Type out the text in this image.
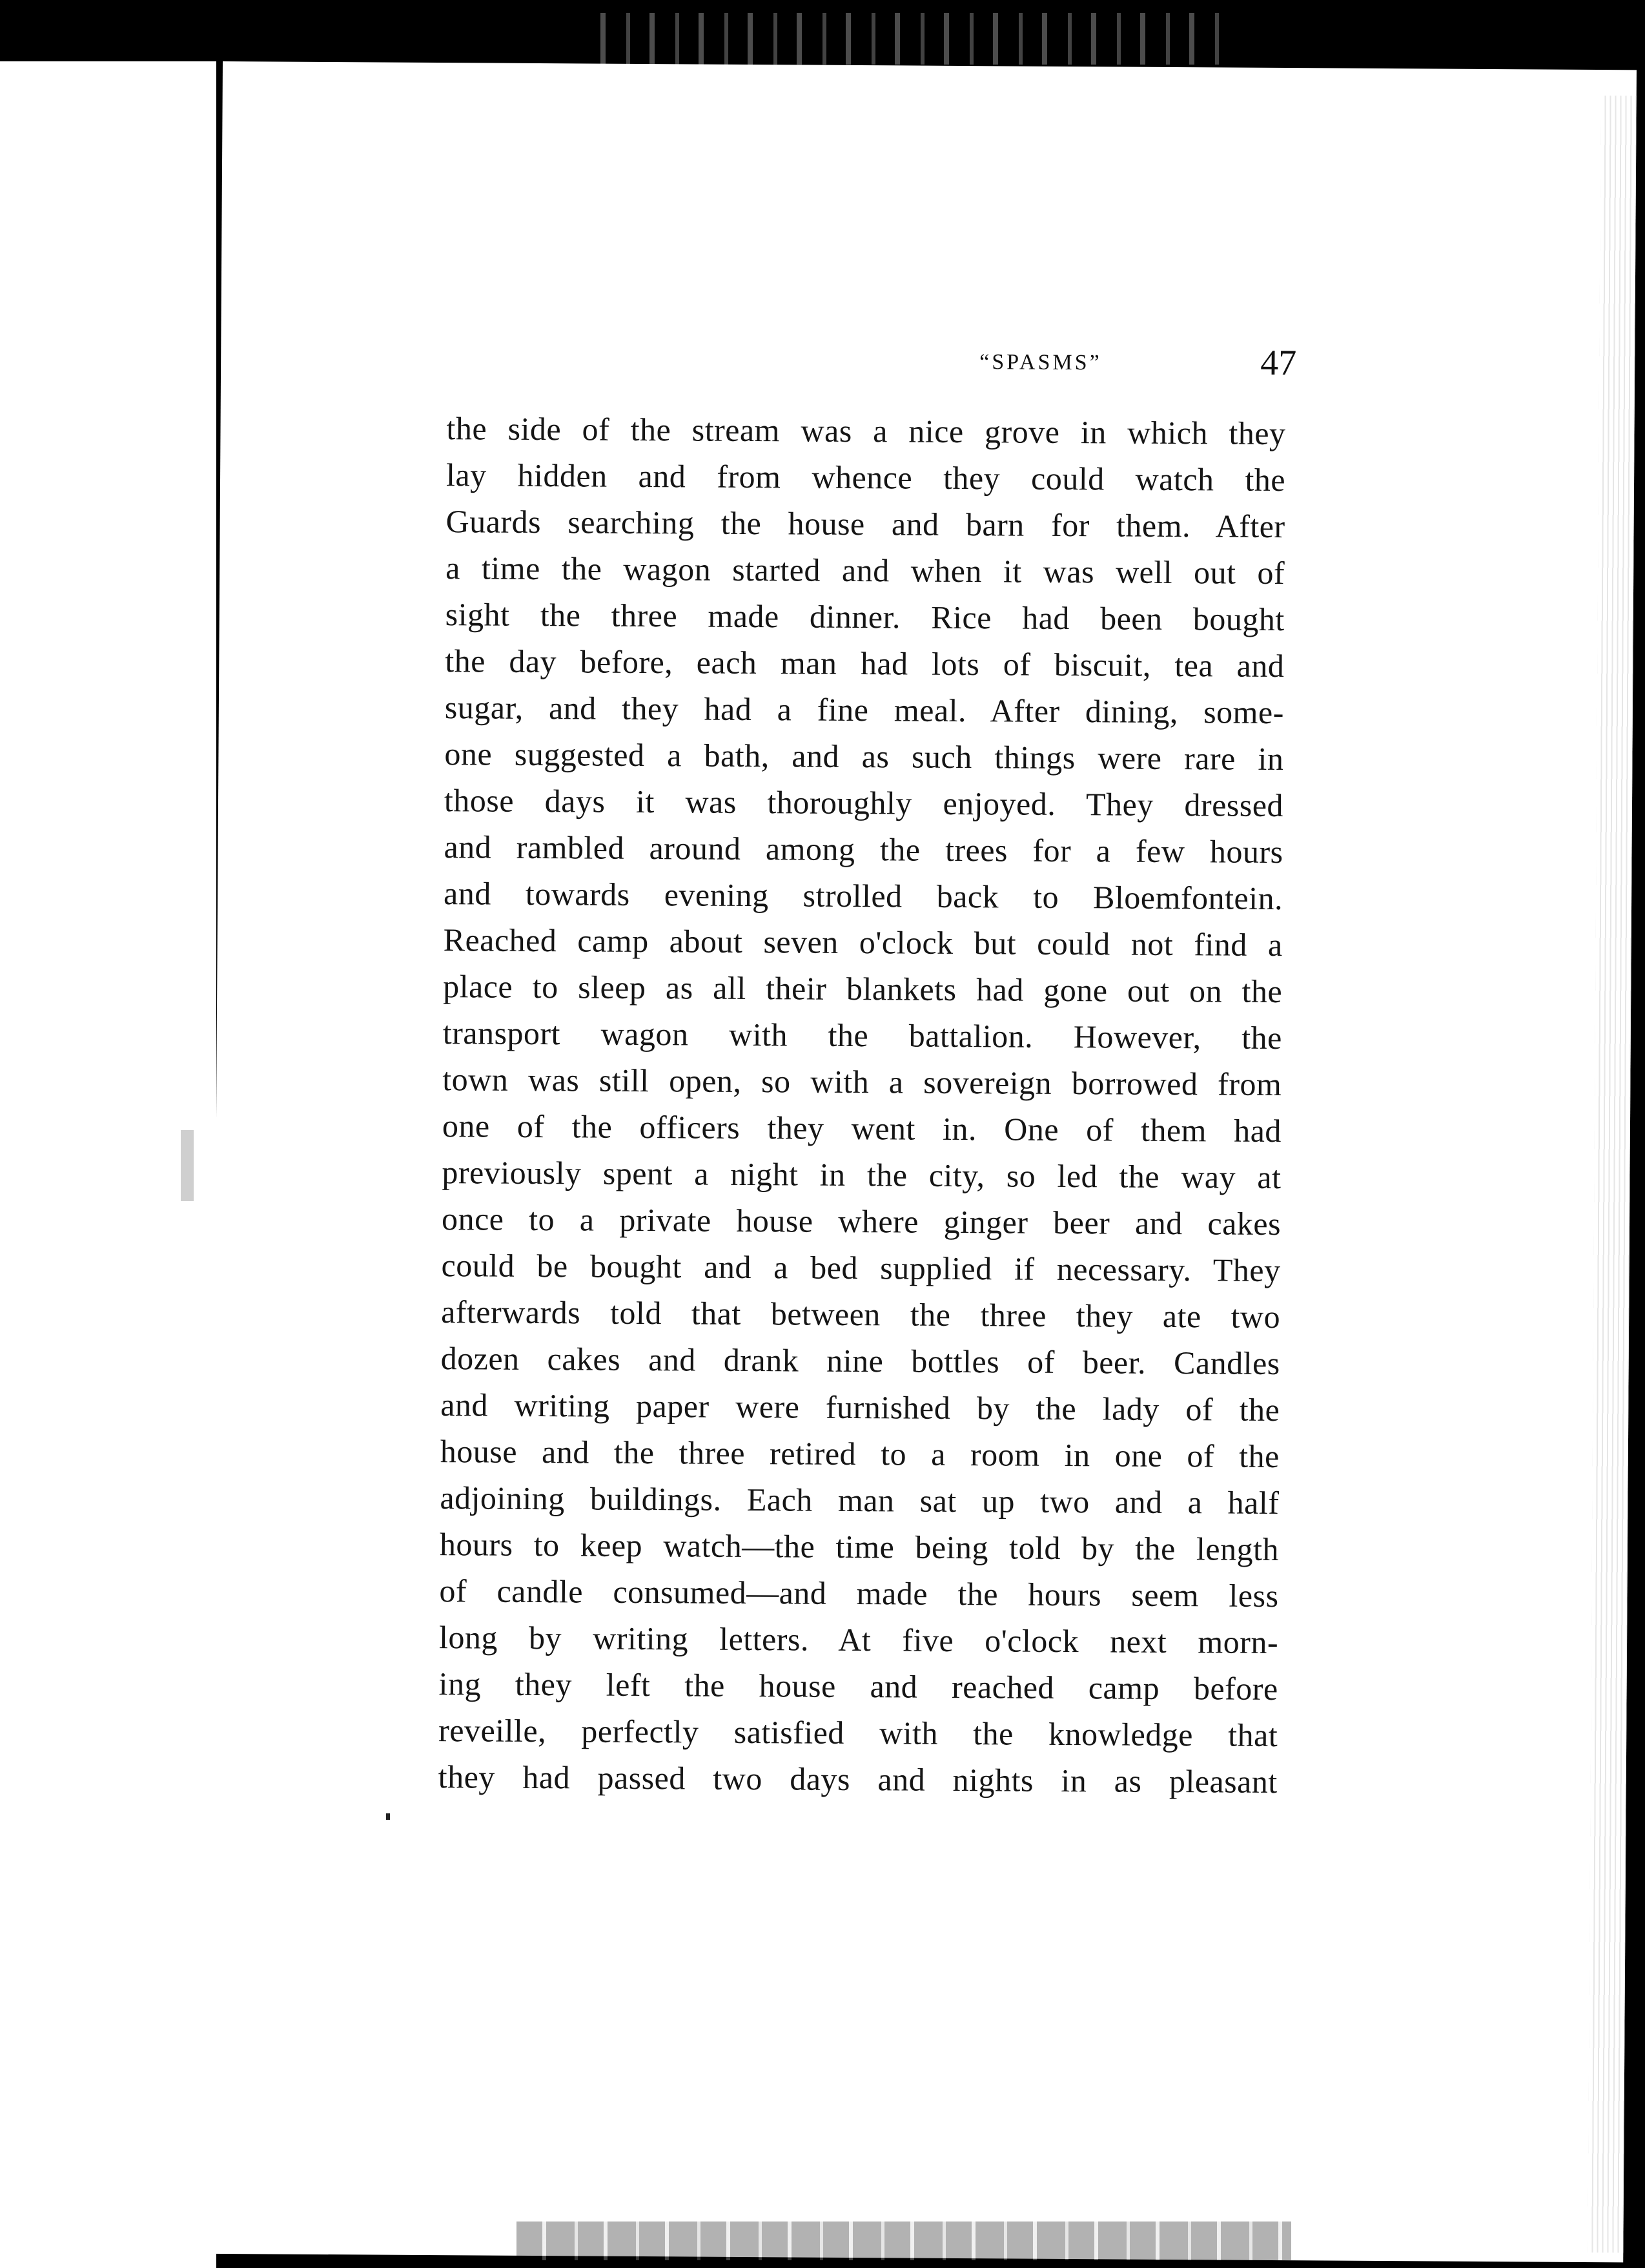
“SPASMS”	47
the side of the stream was a nice grove in which they
lay hidden and from whence they could watch the
Guards searching the house and barn for them. After
a time the wagon started and when it was well out of
sight the three made dinner. Rice had been bought
the day before, each man had lots of biscuit, tea and
sugar, and they had a fine meal. After dining, some-
one suggested a bath, and as such things were rare in
those days it was thoroughly enjoyed. They dressed
and rambled around among the trees for a few hours
and towards evening strolled back to Bloemfontein.
Reached camp about seven o'clock but could not find a
place to sleep as all their blankets had gone out on the
transport wagon with the battalion. However, the
town was still open, so with a sovereign borrowed from
one of the officers they went in. One of them had
previously spent a night in the city, so led the way at
once to a private house where ginger beer and cakes
could be bought and a bed supplied if necessary. They
afterwards told that between the three they ate two
dozen cakes and drank nine bottles of beer. Candles
and writing paper were furnished by the lady of the
house and the three retired to a room in one of the
adjoining buildings. Each man sat up two and a half
hours to keep watch—the time being told by the length
of candle consumed—and made the hours seem less
long by writing letters. At five o'clock next morn-
ing they left the house and reached camp before
reveille, perfectly satisfied with the knowledge that
they had passed two days and nights in as pleasant
